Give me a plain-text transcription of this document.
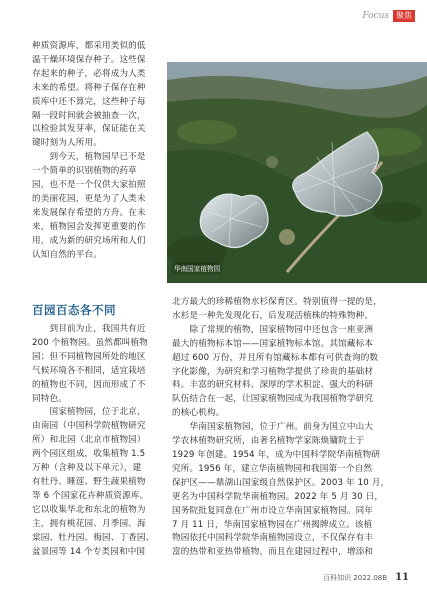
Focus 聚焦
种质资源库，都采用类似的低
温干燥环境保存种子。这些保
存起来的种子，必将成为人类
未来的希望。将种子保存在种
质库中还不算完，这些种子每
隔一段时间就会被抽查一次，
以检验其发芽率，保证能在关
键时刻为人所用。
　　到今天，植物园早已不是
一个简单的识别植物的药草
园，也不是一个仅供大家拍照
的美丽花园，更是为了人类未
来发展保存希望的方舟。在未
来，植物园会发挥更重要的作
用，成为新的研究场所和人们
认知自然的平台。
华南国家植物园
百园百态各不同
　　到目前为止，我国共有近
200 个植物园。虽然都叫植物
园；但不同植物园所处的地区
气候环境各不相同，适宜栽培
的植物也不同，因而形成了不
同特色。
　　国家植物园，位于北京，
由南园（中国科学院植物研究
所）和北园（北京市植物园）
两个园区组成，收集植物 1.5
万种（含种及以下单元），建
有牡丹、睡莲、野生蔬果植物
等 6 个国家花卉种质资源库。
它以收集华北和东北的植物为
主，拥有桃花园、月季园、海
棠园、牡丹园、梅园、丁香园、
盆景园等 14 个专类园和中国
北方最大的珍稀植物水杉保育区。特别值得一提的是，
水杉是一种先发现化石，后发现活植株的特殊物种。
　　除了常规的植物，国家植物园中还包含一座亚洲
最大的植物标本馆——国家植物标本馆。其馆藏标本
超过 600 万份，并且所有馆藏标本都有可供查询的数
字化影像，为研究和学习植物学提供了珍贵的基础材
料。丰富的研究材料、深厚的学术积淀、强大的科研
队伍结合在一起，让国家植物园成为我国植物学研究
的核心机构。
　　华南国家植物园，位于广州。前身为国立中山大
学农林植物研究所，由著名植物学家陈焕镛院士于
1929 年创建。1954 年，成为中国科学院华南植物研
究所。1956 年，建立华南植物园和我国第一个自然
保护区——鼎湖山国家级自然保护区。2003 年 10 月，
更名为中国科学院华南植物园。2022 年 5 月 30 日，
国务院批复同意在广州市设立华南国家植物园。同年
7 月 11 日，华南国家植物园在广州揭牌成立。该植
物园依托中国科学院华南植物园设立，不仅保存有丰
富的热带和亚热带植物，而且在建园过程中，增添和
百科知识 2022.08B 11
